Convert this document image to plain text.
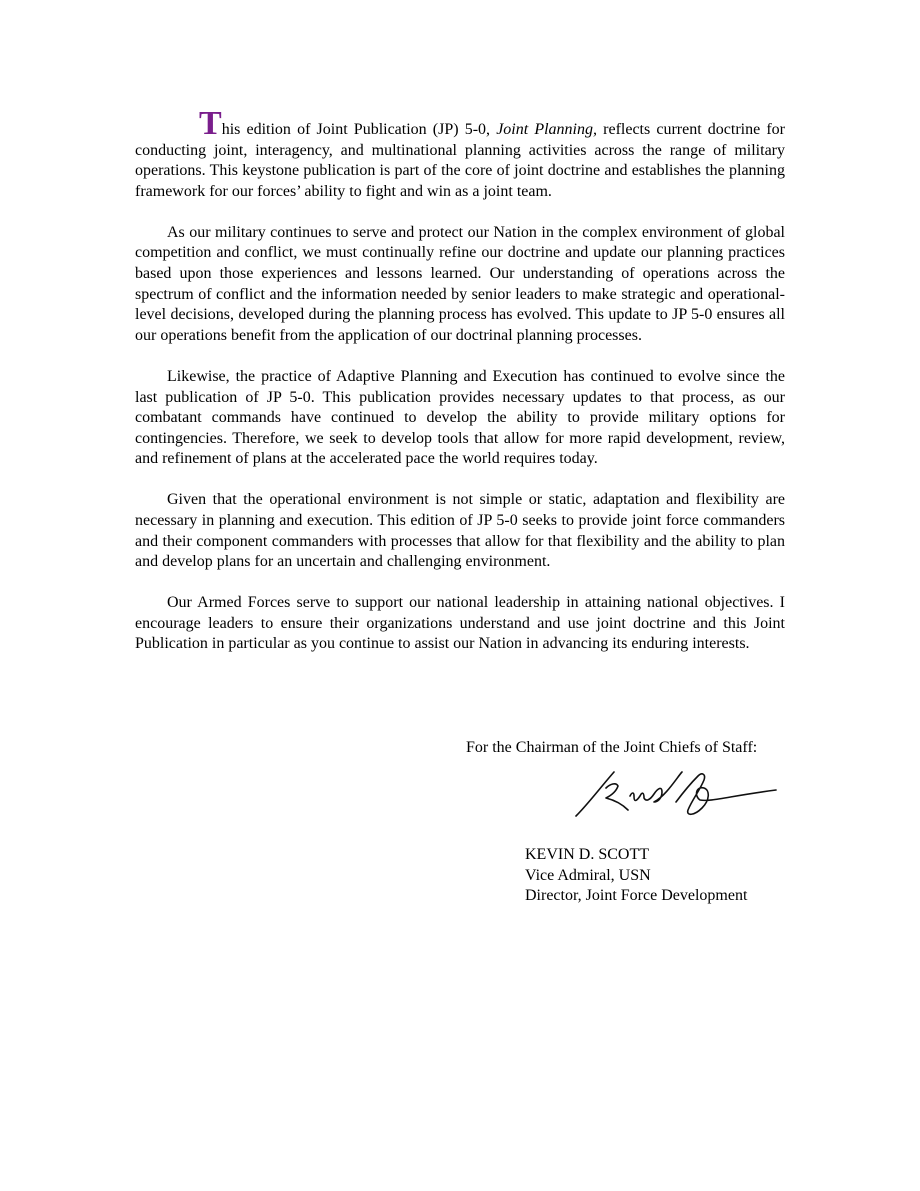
This edition of Joint Publication (JP) 5-0, Joint Planning, reflects current doctrine for conducting joint, interagency, and multinational planning activities across the range of military operations. This keystone publication is part of the core of joint doctrine and establishes the planning framework for our forces’ ability to fight and win as a joint team.

As our military continues to serve and protect our Nation in the complex environment of global competition and conflict, we must continually refine our doctrine and update our planning practices based upon those experiences and lessons learned. Our understanding of operations across the spectrum of conflict and the information needed by senior leaders to make strategic and operational-level decisions, developed during the planning process has evolved. This update to JP 5-0 ensures all our operations benefit from the application of our doctrinal planning processes.

Likewise, the practice of Adaptive Planning and Execution has continued to evolve since the last publication of JP 5-0. This publication provides necessary updates to that process, as our combatant commands have continued to develop the ability to provide military options for contingencies. Therefore, we seek to develop tools that allow for more rapid development, review, and refinement of plans at the accelerated pace the world requires today.

Given that the operational environment is not simple or static, adaptation and flexibility are necessary in planning and execution. This edition of JP 5-0 seeks to provide joint force commanders and their component commanders with processes that allow for that flexibility and the ability to plan and develop plans for an uncertain and challenging environment.

Our Armed Forces serve to support our national leadership in attaining national objectives. I encourage leaders to ensure their organizations understand and use joint doctrine and this Joint Publication in particular as you continue to assist our Nation in advancing its enduring interests.

For the Chairman of the Joint Chiefs of Staff:
KEVIN D. SCOTT
Vice Admiral, USN
Director, Joint Force Development
